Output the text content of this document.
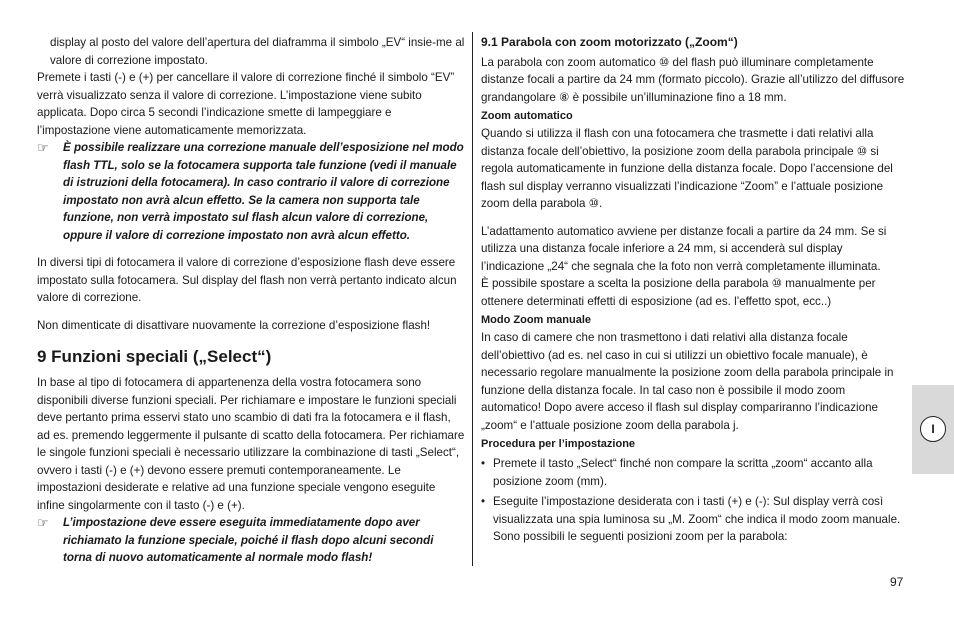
display al posto del valore dell’apertura del diaframma il simbolo „EV“ insie-me al valore di correzione impostato.

Premete i tasti (-) e (+) per cancellare il valore di correzione finché il simbolo “EV” verrà visualizzato senza il valore di correzione. L’impostazione viene subito applicata. Dopo circa 5 secondi l’indicazione smette di lampeggiare e l’impostazione viene automaticamente memorizzata.

☞	È possibile realizzare una correzione manuale dell’esposizione nel modo flash TTL, solo se la fotocamera supporta tale funzione (vedi il manuale di istruzioni della fotocamera). In caso contrario il valore di correzione impostato non avrà alcun effetto. Se la camera non supporta tale funzione, non verrà impostato sul flash alcun valore di correzione, oppure il valore di correzione impostato non avrà alcun effetto.

In diversi tipi di fotocamera il valore di correzione d’esposizione flash deve essere impostato sulla fotocamera. Sul display del flash non verrà pertanto indicato alcun valore di correzione.

Non dimenticate di disattivare nuovamente la correzione d’esposizione flash!

9 Funzioni speciali („Select“)

In base al tipo di fotocamera di appartenenza della vostra fotocamera sono disponibili diverse funzioni speciali. Per richiamare e impostare le funzioni speciali deve pertanto prima esservi stato uno scambio di dati fra la fotocamera e il flash, ad es. premendo leggermente il pulsante di scatto della fotocamera. Per richiamare le singole funzioni speciali è necessario utilizzare la combinazione di tasti „Select“, ovvero i tasti (-) e (+) devono essere premuti contemporaneamente. Le impostazioni desiderate e relative ad una funzione speciale vengono eseguite infine singolarmente con il tasto (-) e (+).

☞	L’impostazione deve essere eseguita immediatamente dopo aver richiamato la funzione speciale, poiché il flash dopo alcuni secondi torna di nuovo automaticamente al normale modo flash!
9.1 Parabola con zoom motorizzato („Zoom“)

La parabola con zoom automatico ⑩ del flash può illuminare completamente distanze focali a partire da 24 mm (formato piccolo). Grazie all’utilizzo del diffusore grandangolare ⑧ è possibile un’illuminazione fino a 18 mm.

Zoom automatico

Quando si utilizza il flash con una fotocamera che trasmette i dati relativi alla distanza focale dell’obiettivo, la posizione zoom della parabola principale ⑩ si regola automaticamente in funzione della distanza focale. Dopo l’accensione del flash sul display verranno visualizzati l’indicazione “Zoom” e l’attuale posizione zoom della parabola ⑩.

L’adattamento automatico avviene per distanze focali a partire da 24 mm. Se si utilizza una distanza focale inferiore a 24 mm, si accenderà sul display l’indicazione „24“ che segnala che la foto non verrà completamente illuminata.

È possibile spostare a scelta la posizione della parabola ⑩ manualmente per ottenere determinati effetti di esposizione (ad es. l’effetto spot, ecc..)

Modo Zoom manuale

In caso di camere che non trasmettono i dati relativi alla distanza focale dell’obiettivo (ad es. nel caso in cui si utilizzi un obiettivo focale manuale), è necessario regolare manualmente la posizione zoom della parabola principale in funzione della distanza focale. In tal caso non è possibile il modo zoom automatico! Dopo avere acceso il flash sul display compariranno l’indicazione „zoom“ e l’attuale posizione zoom della parabola j.

Procedura per l’impostazione
• Premete il tasto „Select“ finché non compare la scritta „zoom“ accanto alla posizione zoom (mm).
• Eseguite l’impostazione desiderata con i tasti (+) e (-): Sul display verrà così visualizzata una spia luminosa su „M. Zoom“ che indica il modo zoom manuale. Sono possibili le seguenti posizioni zoom per la parabola:
I
97
